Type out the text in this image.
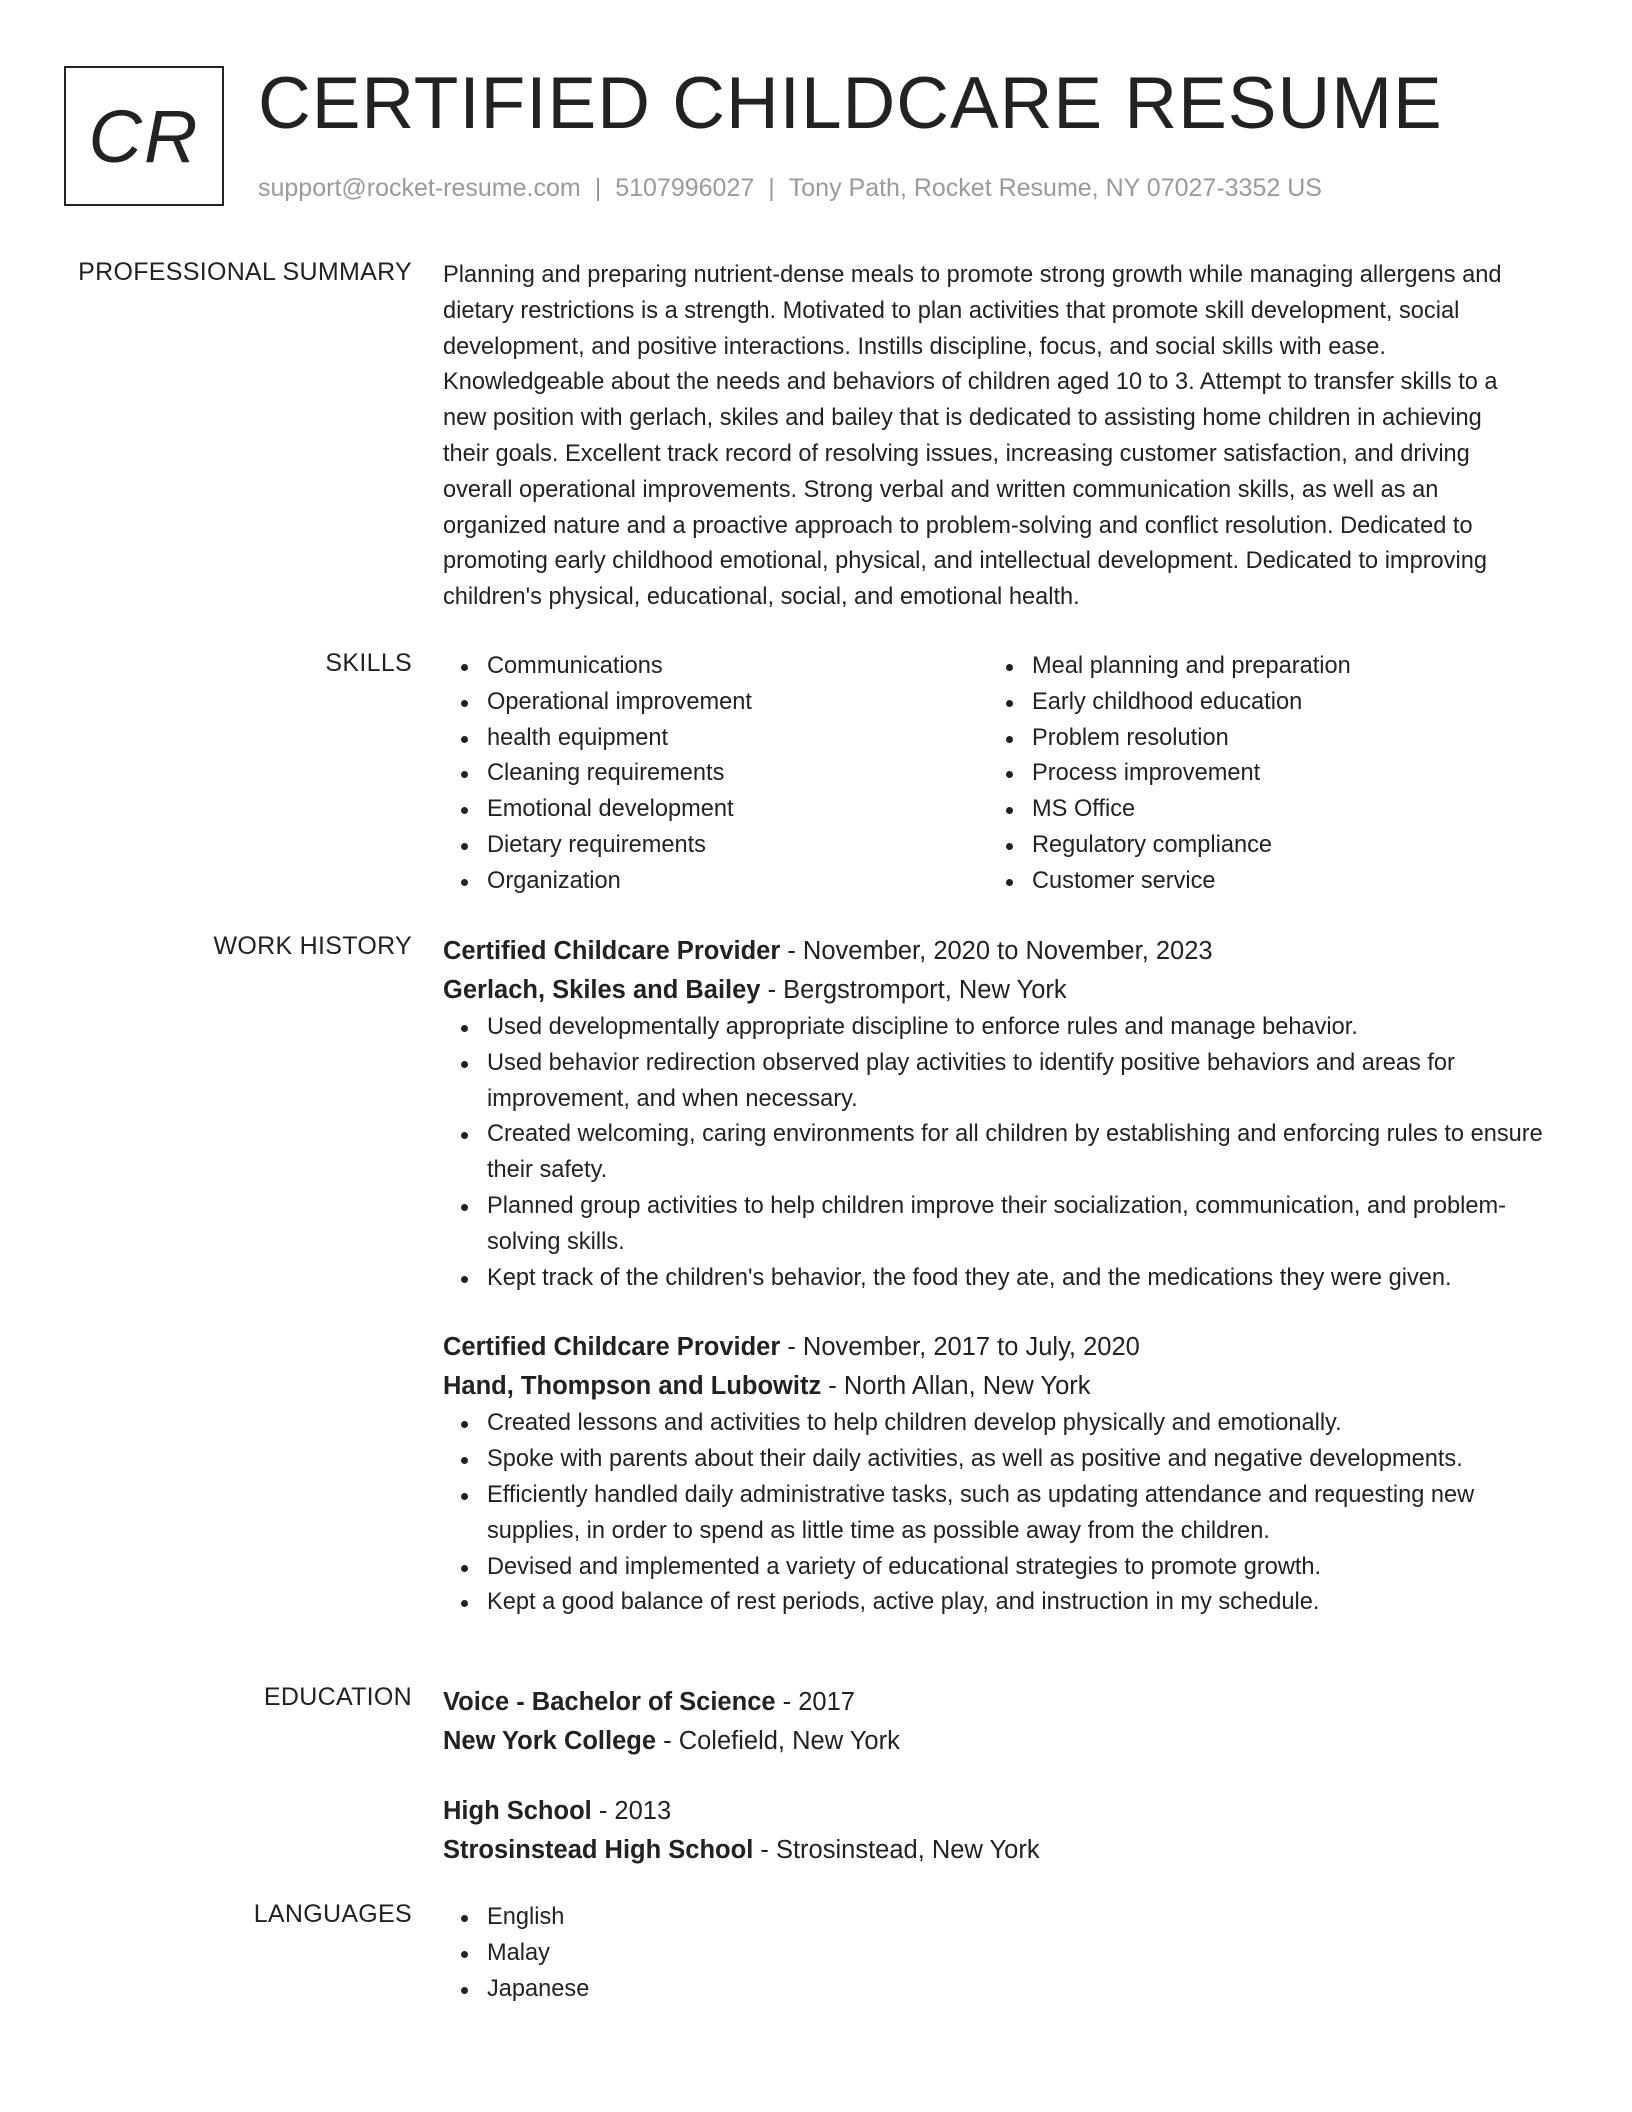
CR CERTIFIED CHILDCARE RESUME
support@rocket-resume.com | 5107996027 | Tony Path, Rocket Resume, NY 07027-3352 US
PROFESSIONAL SUMMARY Planning and preparing nutrient-dense meals to promote strong growth while managing allergens and
dietary restrictions is a strength. Motivated to plan activities that promote skill development, social
development, and positive interactions. Instills discipline, focus, and social skills with ease.
Knowledgeable about the needs and behaviors of children aged 10 to 3. Attempt to transfer skills to a
new position with gerlach, skiles and bailey that is dedicated to assisting home children in achieving
their goals. Excellent track record of resolving issues, increasing customer satisfaction, and driving
overall operational improvements. Strong verbal and written communication skills, as well as an
organized nature and a proactive approach to problem-solving and conflict resolution. Dedicated to
promoting early childhood emotional, physical, and intellectual development. Dedicated to improving
children's physical, educational, social, and emotional health.
SKILLS	Communications
Operational improvement
health equipment
Cleaning requirements
Emotional development
Dietary requirements
Organization
Meal planning and preparation
Early childhood education
Problem resolution
Process improvement
MS Office
Regulatory compliance
Customer service
WORK HISTORY Certified Childcare Provider - November, 2020 to November, 2023
Gerlach, Skiles and Bailey - Bergstromport, New York
Used developmentally appropriate discipline to enforce rules and manage behavior.
Used behavior redirection observed play activities to identify positive behaviors and areas for improvement, and when necessary.
Created welcoming, caring environments for all children by establishing and enforcing rules to ensure their safety.
Planned group activities to help children improve their socialization, communication, and problem-solving skills.
Kept track of the children's behavior, the food they ate, and the medications they were given.
Certified Childcare Provider - November, 2017 to July, 2020
Hand, Thompson and Lubowitz - North Allan, New York
Created lessons and activities to help children develop physically and emotionally.
Spoke with parents about their daily activities, as well as positive and negative developments.
Efficiently handled daily administrative tasks, such as updating attendance and requesting new supplies, in order to spend as little time as possible away from the children.
Devised and implemented a variety of educational strategies to promote growth.
Kept a good balance of rest periods, active play, and instruction in my schedule.
EDUCATION Voice - Bachelor of Science - 2017
New York College - Colefield, New York
High School - 2013
Strosinstead High School - Strosinstead, New York
LANGUAGES	English
Malay
Japanese
